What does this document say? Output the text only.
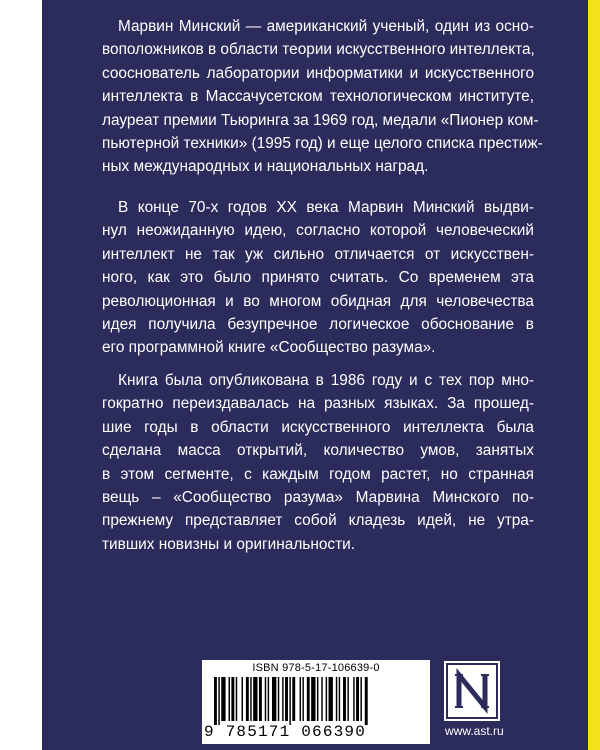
Марвин Минский — американский ученый, один из осно-
воположников в области теории искусственного интеллекта,
сооснователь лаборатории информатики и искусственного
интеллекта в Массачусетском технологическом институте,
лауреат премии Тьюринга за 1969 год, медали «Пионер ком-
пьютерной техники» (1995 год) и еще целого списка престиж-
ных международных и национальных наград.
В конце 70-х годов XX века Марвин Минский выдви-
нул неожиданную идею, согласно которой человеческий
интеллект не так уж сильно отличается от искусствен-
ного, как это было принято считать. Со временем эта
революционная и во многом обидная для человечества
идея получила безупречное логическое обоснование в
его программной книге «Сообщество разума».
Книга была опубликована в 1986 году и с тех пор мно-
гократно переиздавалась на разных языках. За прошед-
шие годы в области искусственного интеллекта была
сделана масса открытий, количество умов, занятых
в этом сегменте, с каждым годом растет, но странная
вещь – «Сообщество разума» Марвина Минского по-
прежнему представляет собой кладезь идей, не утра-
тивших новизны и оригинальности.
ISBN 978-5-17-106639-0
9 785171 066390	www.ast.ru
